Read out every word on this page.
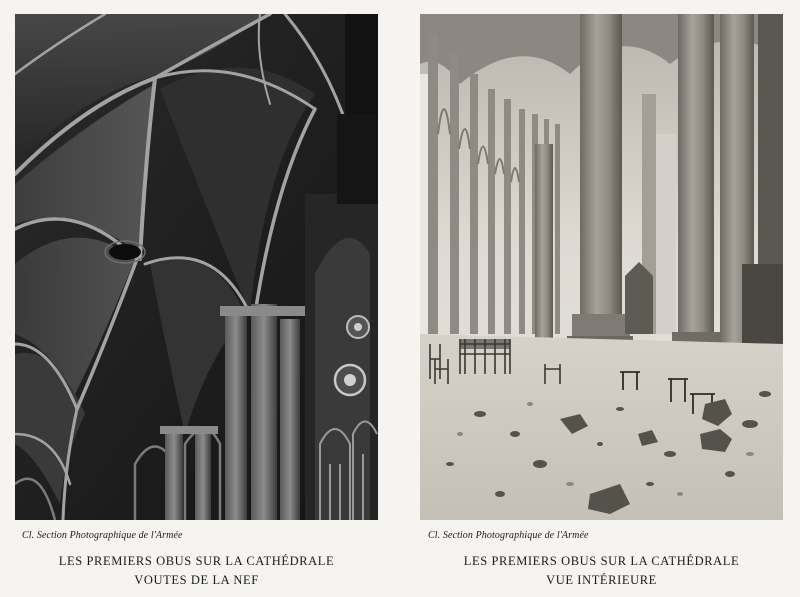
Cl. Section Photographique de l'Armée
LES PREMIERS OBUS SUR LA CATHÉDRALE
VOUTES DE LA NEF
Cl. Section Photographique de l'Armée
LES PREMIERS OBUS SUR LA CATHÉDRALE
VUE INTÉRIEURE
